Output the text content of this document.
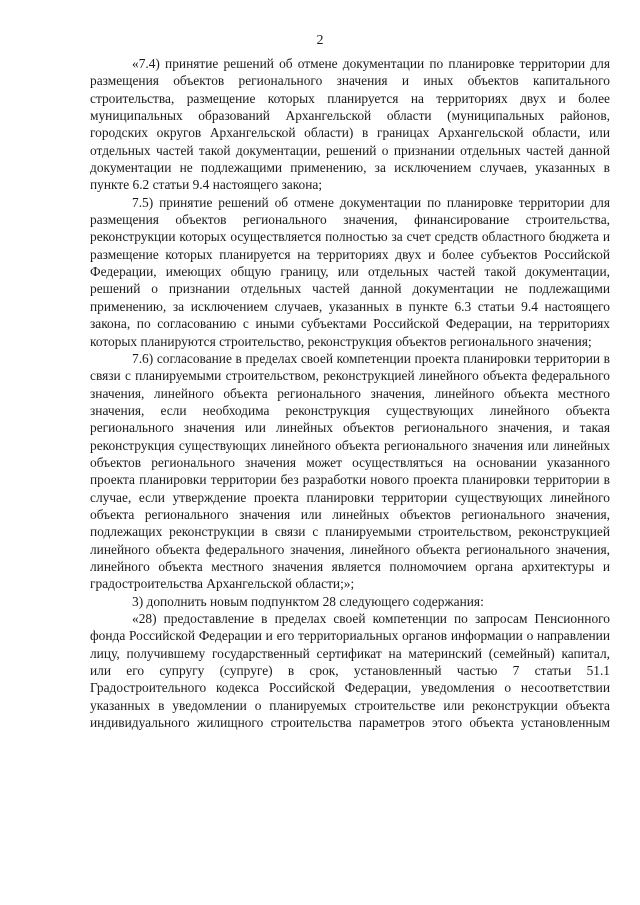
2

«7.4) принятие решений об отмене документации по планировке территории для размещения объектов регионального значения и иных объектов капитального строительства, размещение которых планируется на территориях двух и более муниципальных образований Архангельской области (муниципальных районов, городских округов Архангельской области) в границах Архангельской области, или отдельных частей такой документации, решений о признании отдельных частей данной документации не подлежащими применению, за исключением случаев, указанных в пункте 6.2 статьи 9.4 настоящего закона;

7.5) принятие решений об отмене документации по планировке территории для размещения объектов регионального значения, финансирование строительства, реконструкции которых осуществляется полностью за счет средств областного бюджета и размещение которых планируется на территориях двух и более субъектов Российской Федерации, имеющих общую границу, или отдельных частей такой документации, решений о признании отдельных частей данной документации не подлежащими применению, за исключением случаев, указанных в пункте 6.3 статьи 9.4 настоящего закона, по согласованию с иными субъектами Российской Федерации, на территориях которых планируются строительство, реконструкция объектов регионального значения;

7.6) согласование в пределах своей компетенции проекта планировки территории в связи с планируемыми строительством, реконструкцией линейного объекта федерального значения, линейного объекта регионального значения, линейного объекта местного значения, если необходима реконструкция существующих линейного объекта регионального значения или линейных объектов регионального значения, и такая реконструкция существующих линейного объекта регионального значения или линейных объектов регионального значения может осуществляться на основании указанного проекта планировки территории без разработки нового проекта планировки территории в случае, если утверждение проекта планировки территории существующих линейного объекта регионального значения или линейных объектов регионального значения, подлежащих реконструкции в связи с планируемыми строительством, реконструкцией линейного объекта федерального значения, линейного объекта регионального значения, линейного объекта местного значения является полномочием органа архитектуры и градостроительства Архангельской области;»;

3) дополнить новым подпунктом 28 следующего содержания:

«28) предоставление в пределах своей компетенции по запросам Пенсионного фонда Российской Федерации и его территориальных органов информации о направлении лицу, получившему государственный сертификат на материнский (семейный) капитал, или его супругу (супруге) в срок, установленный частью 7 статьи 51.1 Градостроительного кодекса Российской Федерации, уведомления о несоответствии указанных в уведомлении о планируемых строительстве или реконструкции объекта индивидуального жилищного строительства параметров этого объекта установленным
